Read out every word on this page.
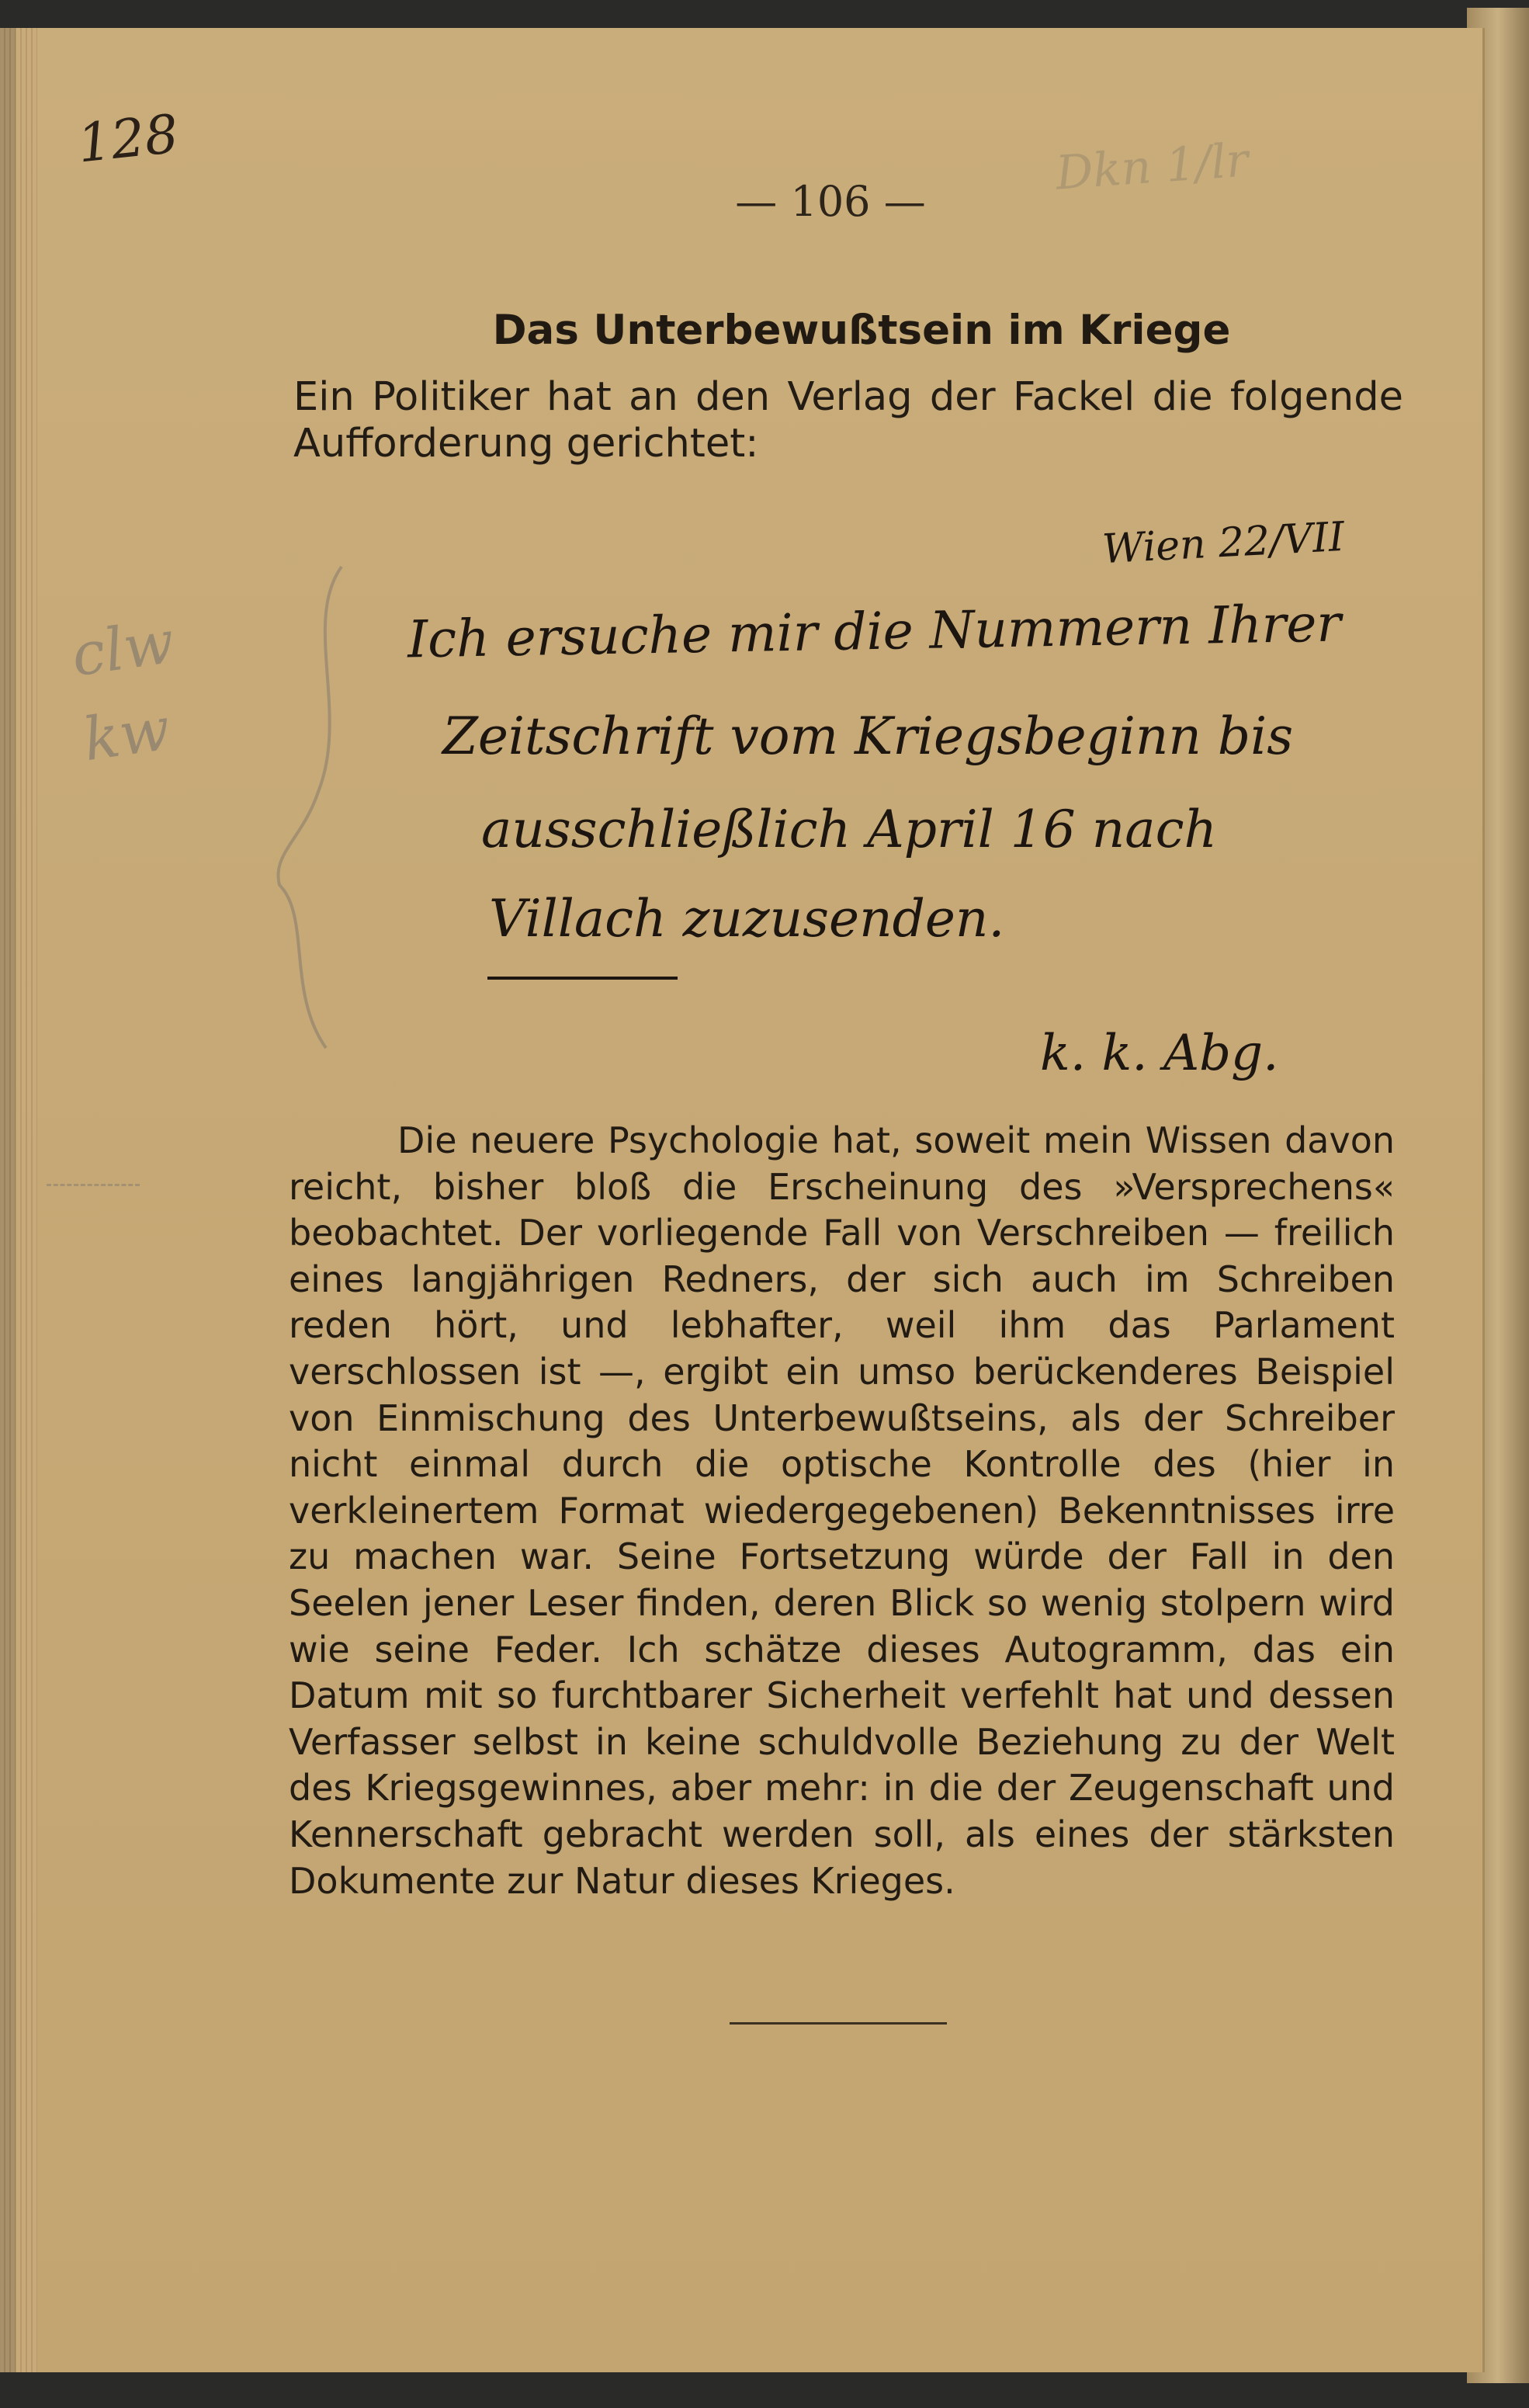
128	Dkn 1/lr
clw
kw
— 106 —
Das Unterbewußtsein im Kriege
Ein Politiker hat an den Verlag der Fackel die folgende Aufforderung gerichtet:
Wien 22/VII
Ich ersuche mir die Nummern Ihrer
Zeitschrift vom Kriegsbeginn bis
ausschließlich April 16 nach
Villach zuzusenden.
k. k. Abg.

Die neuere Psychologie hat, soweit mein Wissen davon reicht, bisher bloß die Erscheinung des »Versprechens« beobachtet. Der vorliegende Fall von Verschreiben — freilich eines langjährigen Redners, der sich auch im Schreiben reden hört, und lebhafter, weil ihm das Parlament verschlossen ist —, ergibt ein umso berückenderes Beispiel von Einmischung des Unterbewußtseins, als der Schreiber nicht einmal durch die optische Kontrolle des (hier in verkleinertem Format wiedergegebenen) Bekenntnisses irre zu machen war. Seine Fortsetzung würde der Fall in den Seelen jener Leser finden, deren Blick so wenig stolpern wird wie seine Feder. Ich schätze dieses Autogramm, das ein Datum mit so furchtbarer Sicherheit verfehlt hat und dessen Verfasser selbst in keine schuldvolle Beziehung zu der Welt des Kriegsgewinnes, aber mehr: in die der Zeugenschaft und Kennerschaft gebracht werden soll, als eines der stärksten Dokumente zur Natur dieses Krieges.
